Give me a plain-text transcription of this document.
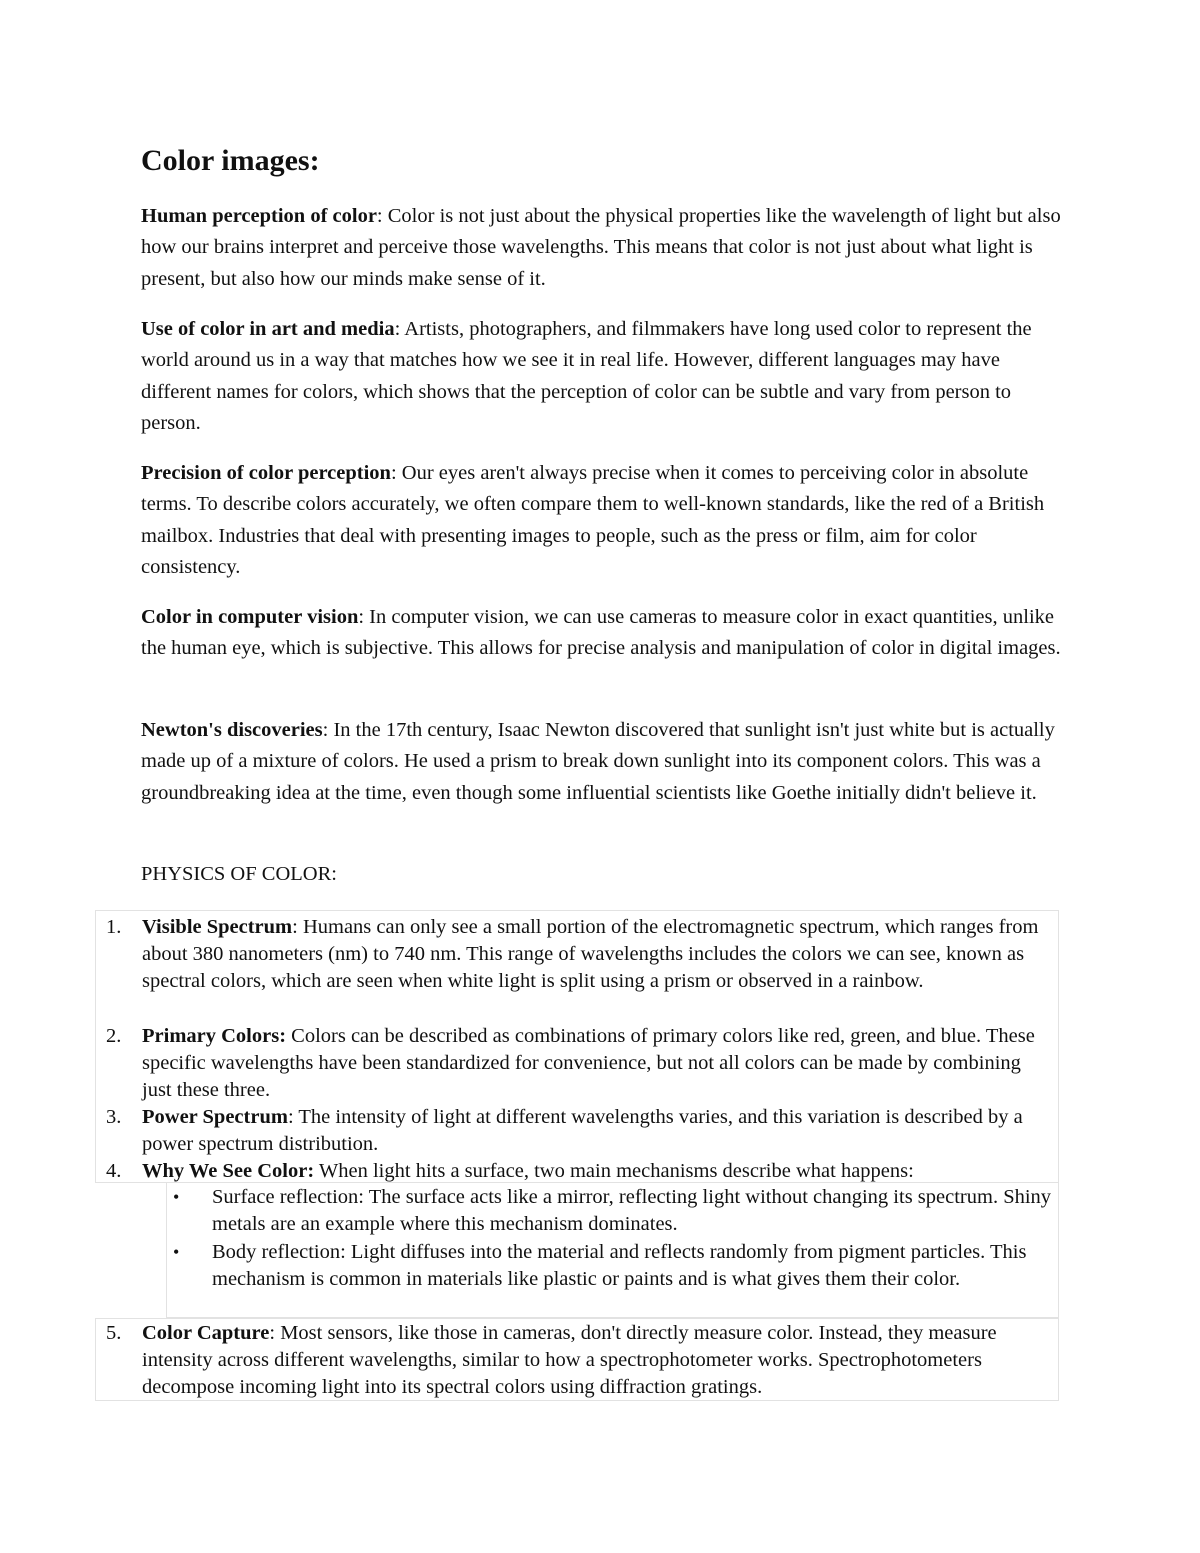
Color images:

Human perception of color: Color is not just about the physical properties like the wavelength of light but also how our brains interpret and perceive those wavelengths. This means that color is not just about what light is present, but also how our minds make sense of it.

Use of color in art and media: Artists, photographers, and filmmakers have long used color to represent the world around us in a way that matches how we see it in real life. However, different languages may have different names for colors, which shows that the perception of color can be subtle and vary from person to person.

Precision of color perception: Our eyes aren't always precise when it comes to perceiving color in absolute terms. To describe colors accurately, we often compare them to well-known standards, like the red of a British mailbox. Industries that deal with presenting images to people, such as the press or film, aim for color consistency.

Color in computer vision: In computer vision, we can use cameras to measure color in exact quantities, unlike the human eye, which is subjective. This allows for precise analysis and manipulation of color in digital images.

Newton's discoveries: In the 17th century, Isaac Newton discovered that sunlight isn't just white but is actually made up of a mixture of colors. He used a prism to break down sunlight into its component colors. This was a groundbreaking idea at the time, even though some influential scientists like Goethe initially didn't believe it.

PHYSICS OF COLOR:

1.	Visible Spectrum: Humans can only see a small portion of the electromagnetic spectrum, which ranges from about 380 nanometers (nm) to 740 nm. This range of wavelengths includes the colors we can see, known as spectral colors, which are seen when white light is split using a prism or observed in a rainbow.
2.	Primary Colors: Colors can be described as combinations of primary colors like red, green, and blue. These specific wavelengths have been standardized for convenience, but not all colors can be made by combining just these three.
3.	Power Spectrum: The intensity of light at different wavelengths varies, and this variation is described by a power spectrum distribution.
4.	Why We See Color: When light hits a surface, two main mechanisms describe what happens:
•	Surface reflection: The surface acts like a mirror, reflecting light without changing its spectrum. Shiny metals are an example where this mechanism dominates.
•	Body reflection: Light diffuses into the material and reflects randomly from pigment particles. This mechanism is common in materials like plastic or paints and is what gives them their color.
5.	Color Capture: Most sensors, like those in cameras, don't directly measure color. Instead, they measure intensity across different wavelengths, similar to how a spectrophotometer works. Spectrophotometers decompose incoming light into its spectral colors using diffraction gratings.
